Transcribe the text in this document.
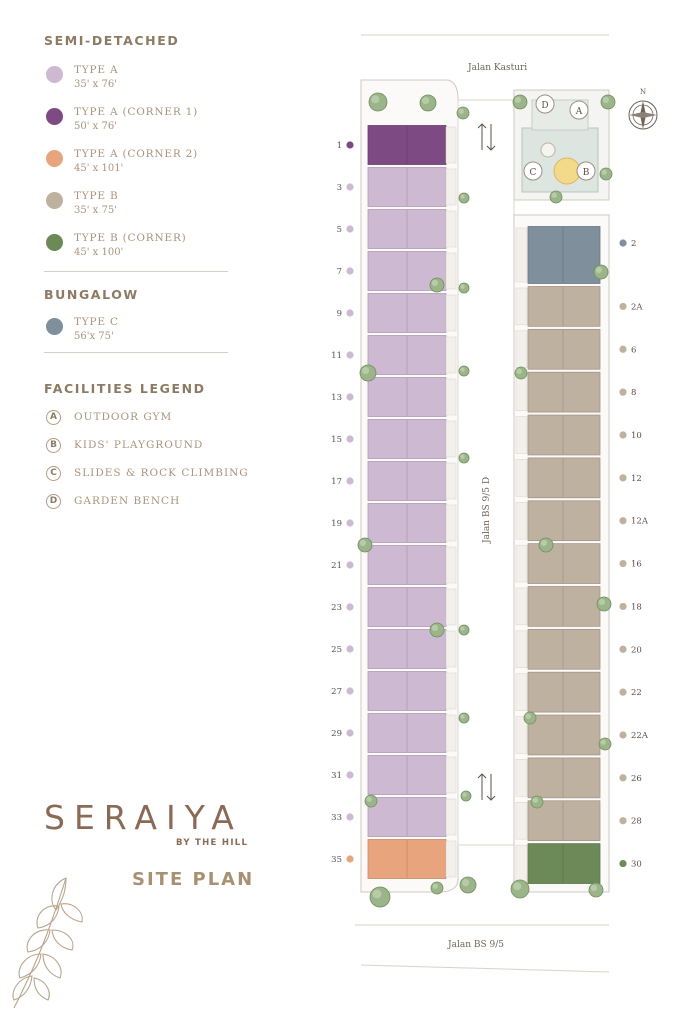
SEMI-DETACHED
TYPE A
35' x 76'
TYPE A (CORNER 1)
50' x 76'
TYPE A (CORNER 2)
45' x 101'
TYPE B
35' x 75'
TYPE B (CORNER)
45' x 100'
BUNGALOW
TYPE C
56'x 75'
FACILITIES LEGEND
A	OUTDOOR GYM
B	KIDS' PLAYGROUND
C	SLIDES & ROCK CLIMBING
D	GARDEN BENCH
SERAIYA
BY THE HILL
SITE PLAN
Jalan Kasturi
Jalan BS 9/5 D
D
A
C	B
N
Jalan BS 9/5
1
3
5
7
9
11
13
15
17
19
21
23
25
27
29
31
33
35
2
2A
6
8
10
12
12A
16
18
20
22
22A
26
28
30
